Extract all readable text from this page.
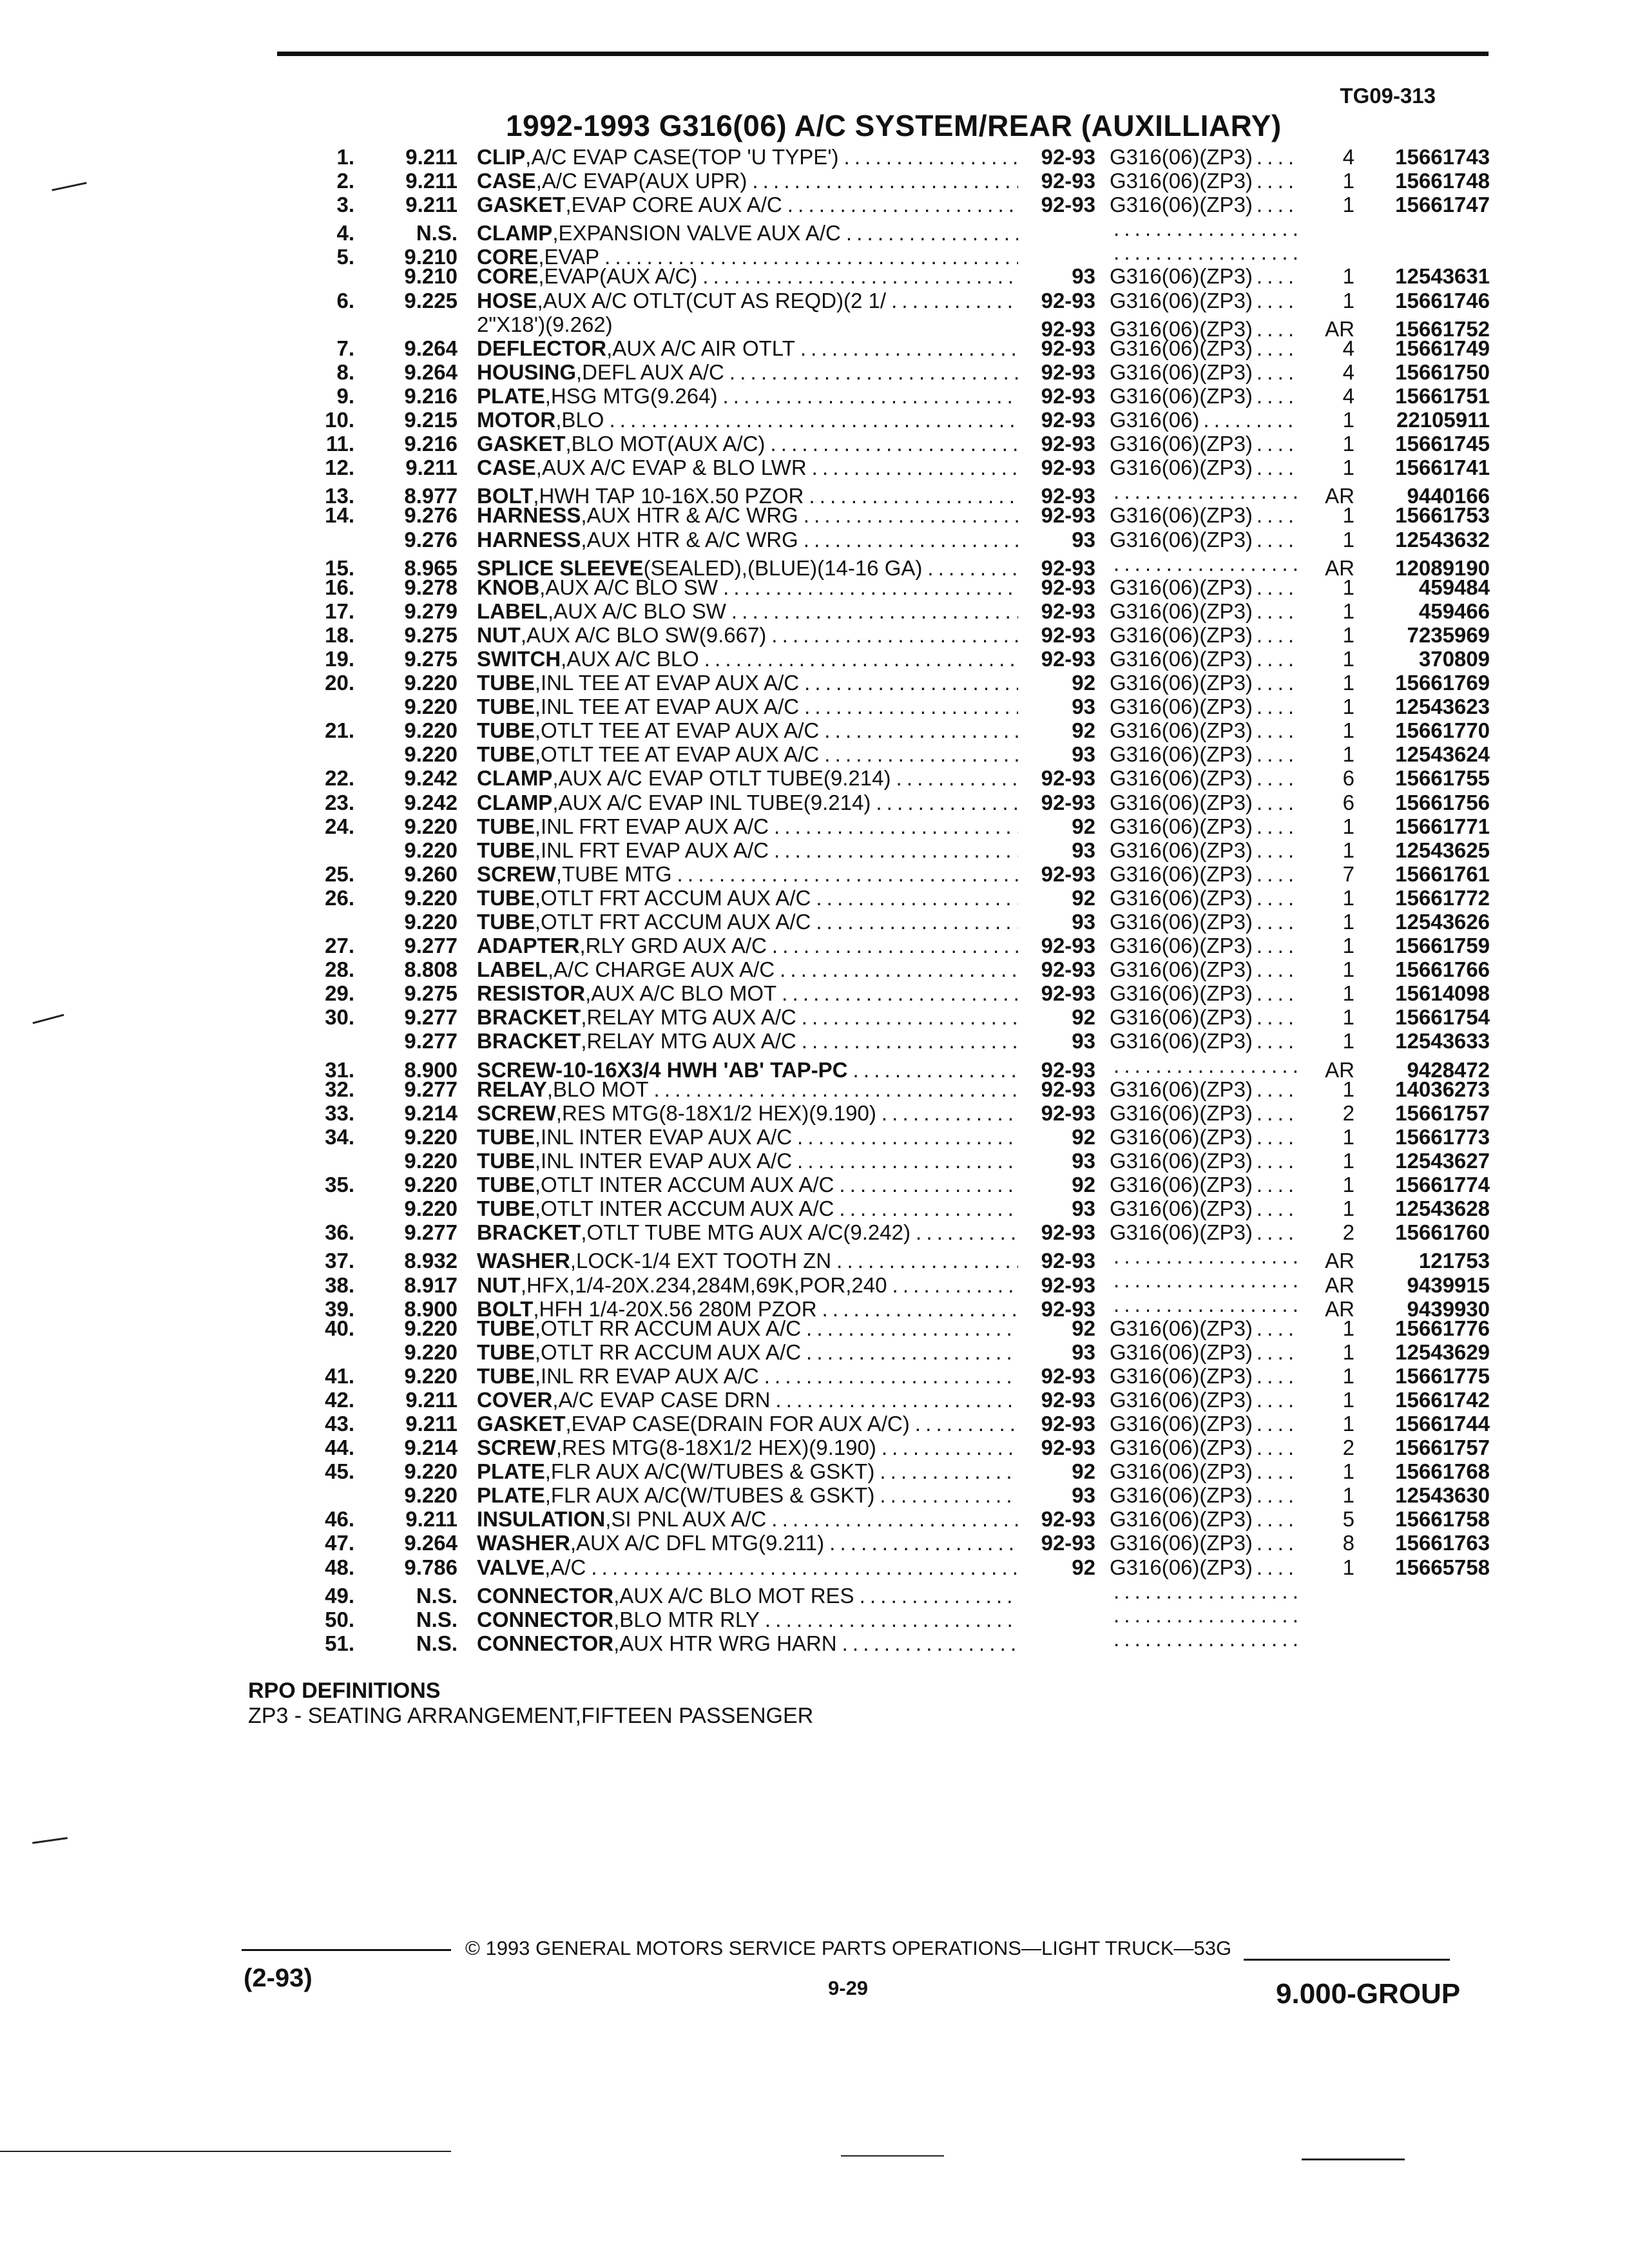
TG09-313
1992-1993 G316(06) A/C SYSTEM/REAR (AUXILLIARY)
1.	9.211 CLIP ,A/C EVAP CASE(TOP 'U TYPE') . . .	92-93 G316(06)(ZP3) . . .	4	15661743
2.	9.211 CASE ,A/C EVAP(AUX UPR) . . .	92-93 G316(06)(ZP3) . . .	1	15661748
3.	9.211 GASKET ,EVAP CORE AUX A/C . . .	92-93 G316(06)(ZP3) . . .	1	15661747
4.	N.S. CLAMP ,EXPANSION VALVE AUX A/C
. . .
. . .
5.	9.210 CORE ,EVAP
. . .
. . .
9.210 CORE ,EVAP(AUX A/C) . . .	93 G316(06)(ZP3) . . .	1	12543631
6.	9.225 HOSE ,AUX A/C OTLT(CUT AS REQD)(2 1/ . . .	92-93 G316(06)(ZP3) . . .	1	15661746
2"X18')(9.262)	92-93 G316(06)(ZP3) . . .	AR	15661752
7.	9.264 DEFLECTOR ,AUX A/C AIR OTLT . . .	92-93 G316(06)(ZP3) . . .	4	15661749
8.	9.264 HOUSING ,DEFL AUX A/C . . .	92-93 G316(06)(ZP3) . . .	4	15661750
9.	9.216 PLATE ,HSG MTG(9.264) . . .	92-93 G316(06)(ZP3) . . .	4	15661751
10.	9.215 MOTOR ,BLO . . .	92-93 G316(06) . . .	1	22105911
11.	9.216 GASKET ,BLO MOT(AUX A/C) . . .	92-93 G316(06)(ZP3) . . .	1	15661745
12.	9.211 CASE ,AUX A/C EVAP & BLO LWR . . .	92-93 G316(06)(ZP3) . . .	1	15661741
13.	8.977 BOLT ,HWH TAP 10-16X.50 PZOR . . .	92-93 . . .	AR	9440166
14.	9.276 HARNESS ,AUX HTR & A/C WRG . . .	92-93 G316(06)(ZP3) . . .	1	15661753
9.276 HARNESS ,AUX HTR & A/C WRG . . .	93 G316(06)(ZP3) . . .	1	12543632
15.	8.965 SPLICE SLEEVE (SEALED),(BLUE)(14-16 GA) . . .	92-93 . . .	AR	12089190
16.	9.278 KNOB ,AUX A/C BLO SW . . .	92-93 G316(06)(ZP3) . . .	1	459484
17.	9.279 LABEL ,AUX A/C BLO SW . . .	92-93 G316(06)(ZP3) . . .	1	459466
18.	9.275 NUT ,AUX A/C BLO SW(9.667) . . .	92-93 G316(06)(ZP3) . . .	1	7235969
19.	9.275 SWITCH ,AUX A/C BLO . . .	92-93 G316(06)(ZP3) . . .	1	370809
20.	9.220 TUBE ,INL TEE AT EVAP AUX A/C . . .	92 G316(06)(ZP3) . . .	1	15661769
9.220 TUBE ,INL TEE AT EVAP AUX A/C . . .	93 G316(06)(ZP3) . . .	1	12543623
21.	9.220 TUBE ,OTLT TEE AT EVAP AUX A/C . . .	92 G316(06)(ZP3) . . .	1	15661770
9.220 TUBE ,OTLT TEE AT EVAP AUX A/C . . .	93 G316(06)(ZP3) . . .	1	12543624
22.	9.242 CLAMP ,AUX A/C EVAP OTLT TUBE(9.214) . . .	92-93 G316(06)(ZP3) . . .	6	15661755
23.	9.242 CLAMP ,AUX A/C EVAP INL TUBE(9.214) . . .	92-93 G316(06)(ZP3) . . .	6	15661756
24.	9.220 TUBE ,INL FRT EVAP AUX A/C . . .	92 G316(06)(ZP3) . . .	1	15661771
9.220 TUBE ,INL FRT EVAP AUX A/C . . .	93 G316(06)(ZP3) . . .	1	12543625
25.	9.260 SCREW ,TUBE MTG . . .	92-93 G316(06)(ZP3) . . .	7	15661761
26.	9.220 TUBE ,OTLT FRT ACCUM AUX A/C . . .	92 G316(06)(ZP3) . . .	1	15661772
9.220 TUBE ,OTLT FRT ACCUM AUX A/C . . .	93 G316(06)(ZP3) . . .	1	12543626
27.	9.277 ADAPTER ,RLY GRD AUX A/C . . .	92-93 G316(06)(ZP3) . . .	1	15661759
28.	8.808 LABEL ,A/C CHARGE AUX A/C . . .	92-93 G316(06)(ZP3) . . .	1	15661766
29.	9.275 RESISTOR ,AUX A/C BLO MOT . . .	92-93 G316(06)(ZP3) . . .	1	15614098
30.	9.277 BRACKET ,RELAY MTG AUX A/C . . .	92 G316(06)(ZP3) . . .	1	15661754
9.277 BRACKET ,RELAY MTG AUX A/C . . .	93 G316(06)(ZP3) . . .	1	12543633
31.	8.900 SCREW-10-16X3/4 HWH 'AB' TAP-PC . . .	92-93 . . .	AR	9428472
32.	9.277 RELAY ,BLO MOT . . .	92-93 G316(06)(ZP3) . . .	1	14036273
33.	9.214 SCREW ,RES MTG(8-18X1/2 HEX)(9.190) . . .	92-93 G316(06)(ZP3) . . .	2	15661757
34.	9.220 TUBE ,INL INTER EVAP AUX A/C . . .	92 G316(06)(ZP3) . . .	1	15661773
9.220 TUBE ,INL INTER EVAP AUX A/C . . .	93 G316(06)(ZP3) . . .	1	12543627
35.	9.220 TUBE ,OTLT INTER ACCUM AUX A/C . . .	92 G316(06)(ZP3) . . .	1	15661774
9.220 TUBE ,OTLT INTER ACCUM AUX A/C . . .	93 G316(06)(ZP3) . . .	1	12543628
36.	9.277 BRACKET ,OTLT TUBE MTG AUX A/C(9.242) . . .	92-93 G316(06)(ZP3) . . .	2	15661760
37.	8.932 WASHER ,LOCK-1/4 EXT TOOTH ZN . . .	92-93 . . .	AR	121753
38.	8.917 NUT ,HFX,1/4-20X.234,284M,69K,POR,240 . . .	92-93 . . .	AR	9439915
39.	8.900 BOLT ,HFH 1/4-20X.56 280M PZOR . . .	92-93 . . .	AR	9439930
40.	9.220 TUBE ,OTLT RR ACCUM AUX A/C . . .	92 G316(06)(ZP3) . . .	1	15661776
9.220 TUBE ,OTLT RR ACCUM AUX A/C . . .	93 G316(06)(ZP3) . . .	1	12543629
41.	9.220 TUBE ,INL RR EVAP AUX A/C . . .	92-93 G316(06)(ZP3) . . .	1	15661775
42.	9.211 COVER ,A/C EVAP CASE DRN . . .	92-93 G316(06)(ZP3) . . .	1	15661742
43.	9.211 GASKET ,EVAP CASE(DRAIN FOR AUX A/C) . . .	92-93 G316(06)(ZP3) . . .	1	15661744
44.	9.214 SCREW ,RES MTG(8-18X1/2 HEX)(9.190) . . .	92-93 G316(06)(ZP3) . . .	2	15661757
45.	9.220 PLATE ,FLR AUX A/C(W/TUBES & GSKT) . . .	92 G316(06)(ZP3) . . .	1	15661768
9.220 PLATE ,FLR AUX A/C(W/TUBES & GSKT) . . .	93 G316(06)(ZP3) . . .	1	12543630
46.	9.211 INSULATION ,SI PNL AUX A/C . . .	92-93 G316(06)(ZP3) . . .	5	15661758
47.	9.264 WASHER ,AUX A/C DFL MTG(9.211) . . .	92-93 G316(06)(ZP3) . . .	8	15661763
48.	9.786 VALVE ,A/C . . .	92 G316(06)(ZP3) . . .	1	15665758
49.	N.S. CONNECTOR ,AUX A/C BLO MOT RES
. . .
. . .
50.	N.S. CONNECTOR ,BLO MTR RLY
. . .
. . .
51.	N.S. CONNECTOR ,AUX HTR WRG HARN
. . .
. . .
RPO DEFINITIONS
ZP3 - SEATING ARRANGEMENT,FIFTEEN PASSENGER
© 1993 GENERAL MOTORS SERVICE PARTS OPERATIONS—LIGHT TRUCK—53G
9-29
(2-93)	9.000-GROUP
